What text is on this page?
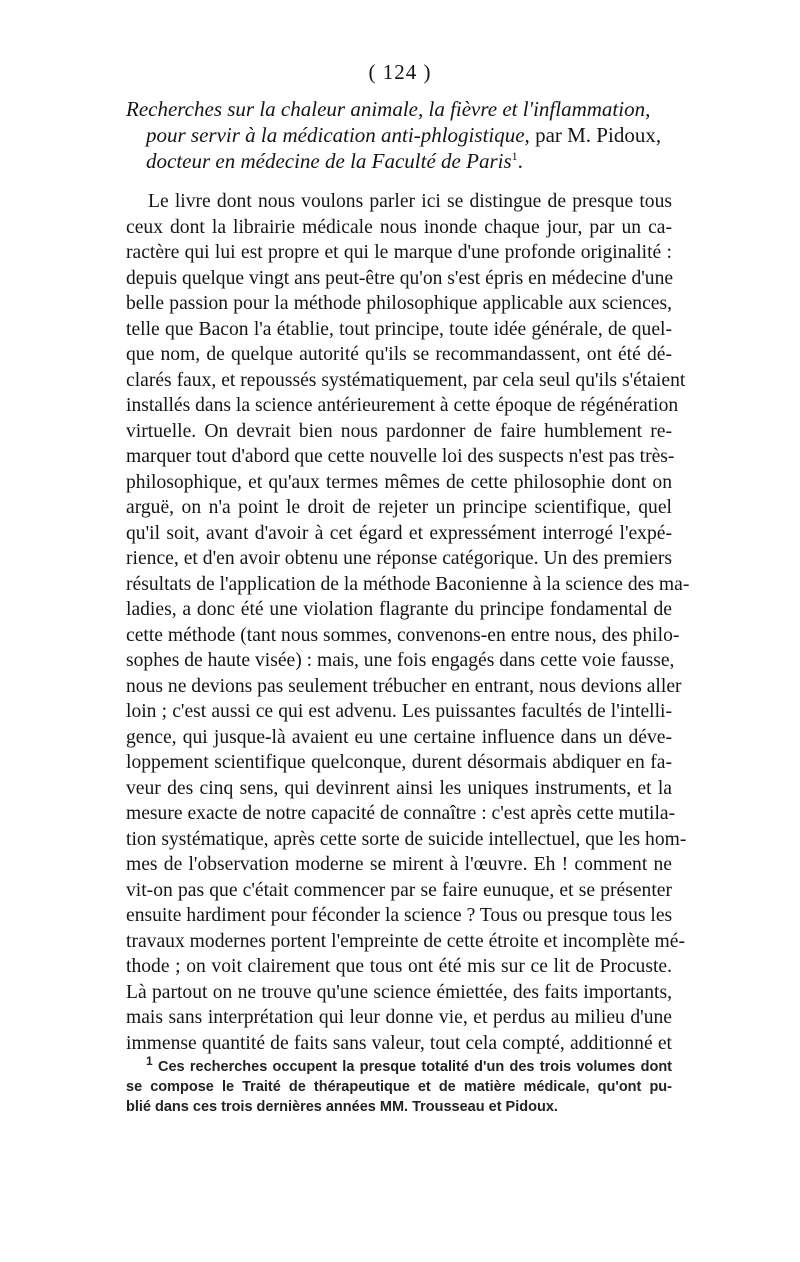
( 124 )
Recherches sur la chaleur animale, la fièvre et l'inflammation,
pour servir à la médication anti-phlogistique, par M. Pidoux,
docteur en médecine de la Faculté de Paris$^1$.
Le livre dont nous voulons parler ici se distingue de presque tous
ceux dont la librairie médicale nous inonde chaque jour, par un ca-
ractère qui lui est propre et qui le marque d'une profonde originalité :
depuis quelque vingt ans peut-être qu'on s'est épris en médecine d'une
belle passion pour la méthode philosophique applicable aux sciences,
telle que Bacon l'a établie, tout principe, toute idée générale, de quel-
que nom, de quelque autorité qu'ils se recommandassent, ont été dé-
clarés faux, et repoussés systématiquement, par cela seul qu'ils s'étaient
installés dans la science antérieurement à cette époque de régénération
virtuelle. On devrait bien nous pardonner de faire humblement re-
marquer tout d'abord que cette nouvelle loi des suspects n'est pas très-
philosophique, et qu'aux termes mêmes de cette philosophie dont on
arguë, on n'a point le droit de rejeter un principe scientifique, quel
qu'il soit, avant d'avoir à cet égard et expressément interrogé l'expé-
rience, et d'en avoir obtenu une réponse catégorique. Un des premiers
résultats de l'application de la méthode Baconienne à la science des ma-
ladies, a donc été une violation flagrante du principe fondamental de
cette méthode (tant nous sommes, convenons-en entre nous, des philo-
sophes de haute visée) : mais, une fois engagés dans cette voie fausse,
nous ne devions pas seulement trébucher en entrant, nous devions aller
loin ; c'est aussi ce qui est advenu. Les puissantes facultés de l'intelli-
gence, qui jusque-là avaient eu une certaine influence dans un déve-
loppement scientifique quelconque, durent désormais abdiquer en fa-
veur des cinq sens, qui devinrent ainsi les uniques instruments, et la
mesure exacte de notre capacité de connaître : c'est après cette mutila-
tion systématique, après cette sorte de suicide intellectuel, que les hom-
mes de l'observation moderne se mirent à l'œuvre. Eh ! comment ne
vit-on pas que c'était commencer par se faire eunuque, et se présenter
ensuite hardiment pour féconder la science ? Tous ou presque tous les
travaux modernes portent l'empreinte de cette étroite et incomplète mé-
thode ; on voit clairement que tous ont été mis sur ce lit de Procuste.
Là partout on ne trouve qu'une science émiettée, des faits importants,
mais sans interprétation qui leur donne vie, et perdus au milieu d'une
immense quantité de faits sans valeur, tout cela compté, additionné et
$^1$ Ces recherches occupent la presque totalité d'un des trois volumes dont
se compose le Traité de thérapeutique et de matière médicale, qu'ont pu-
blié dans ces trois dernières années MM. Trousseau et Pidoux.
